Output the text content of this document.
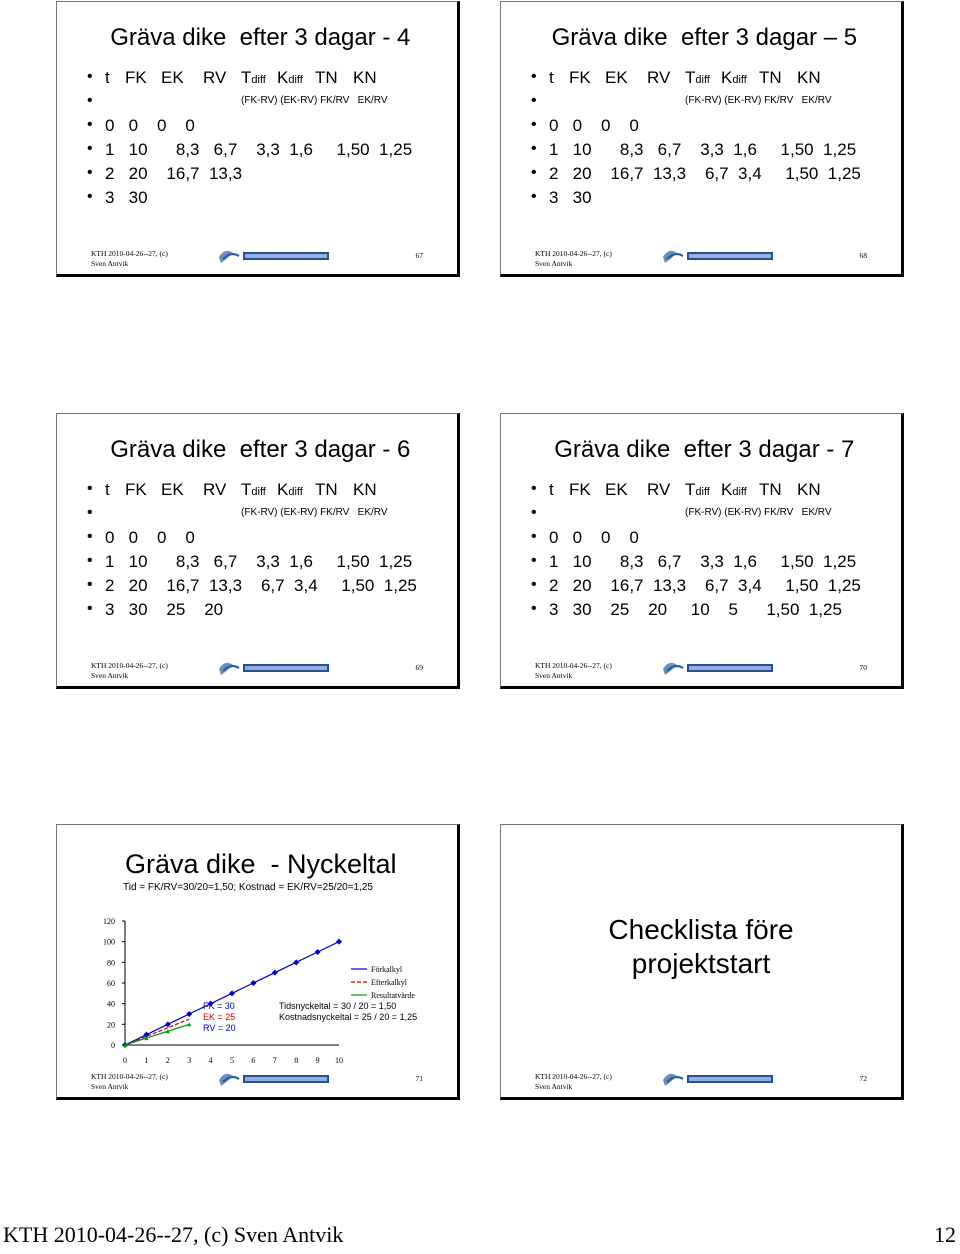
Gräva dike  efter 3 dagar - 4
• t FK EK RV Tdiff Kdiff TN KN
•	(FK-RV) (EK-RV) FK/RV   EK/RV
• 0   0    0    0
• 1   10      8,3   6,7    3,3  1,6     1,50  1,25
• 2   20    16,7  13,3
• 3   30
KTH 2010-04-26--27, (c)
Sven Antvik
67
Gräva dike  efter 3 dagar – 5
• t FK EK RV Tdiff Kdiff TN KN
•	(FK-RV) (EK-RV) FK/RV   EK/RV
• 0   0    0    0
• 1   10      8,3   6,7    3,3  1,6     1,50  1,25
• 2   20    16,7  13,3    6,7  3,4     1,50  1,25
• 3   30
KTH 2010-04-26--27, (c)
Sven Antvik
68
Gräva dike  efter 3 dagar - 6
• t FK EK RV Tdiff Kdiff TN KN
•	(FK-RV) (EK-RV) FK/RV   EK/RV
• 0   0    0    0
• 1   10      8,3   6,7    3,3  1,6     1,50  1,25
• 2   20    16,7  13,3    6,7  3,4     1,50  1,25
• 3   30    25    20
KTH 2010-04-26--27, (c)
Sven Antvik
69
Gräva dike  efter 3 dagar - 7
• t FK EK RV Tdiff Kdiff TN KN
•	(FK-RV) (EK-RV) FK/RV   EK/RV
• 0   0    0    0
• 1   10      8,3   6,7    3,3  1,6     1,50  1,25
• 2   20    16,7  13,3    6,7  3,4     1,50  1,25
• 3   30    25    20     10    5      1,50  1,25
KTH 2010-04-26--27, (c)
Sven Antvik
70
Gräva dike  - Nyckeltal
Tid = FK/RV=30/20=1,50; Kostnad = EK/RV=25/20=1,25
0
20
40
60
80
100
120
0 1 2 3 4 5 6 7 8 9 10
Förkalkyl
Efterkalkyl
Resultatvärde
FK = 30
EK = 25
RV = 20
Tidsnyckeltal = 30 / 20 = 1,50
Kostnadsnyckeltal = 25 / 20 = 1,25
KTH 2010-04-26--27, (c)
Sven Antvik
71
Checklista före
projektstart
KTH 2010-04-26--27, (c)
Sven Antvik
72
KTH 2010-04-26--27, (c) Sven Antvik	12
